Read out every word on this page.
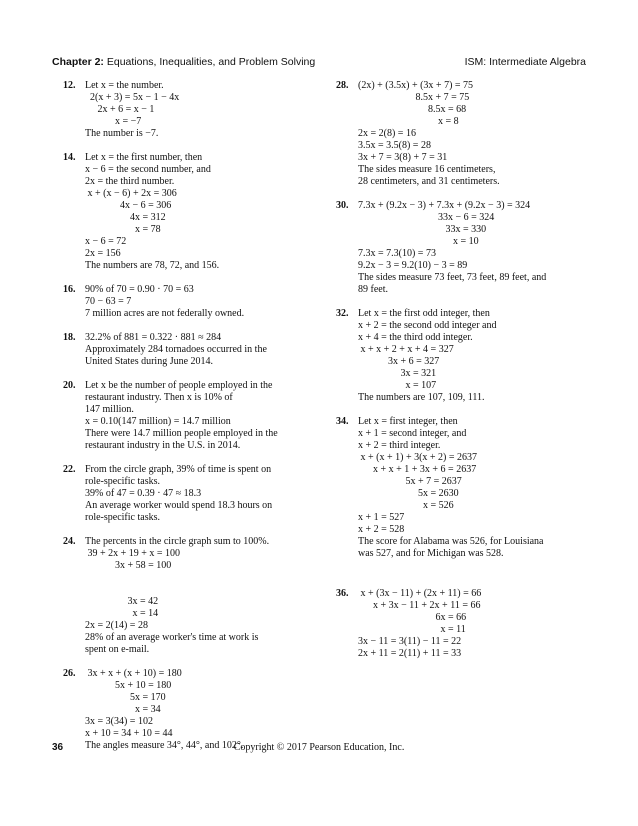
Chapter 2: Equations, Inequalities, and Problem Solving	ISM: Intermediate Algebra
12. Let x = the number.
2(x + 3) = 5x − 1 − 4x
2x + 6 = x − 1
x = −7
The number is −7.
14. Let x = the first number, then
x − 6 = the second number, and
2x = the third number.
x + (x − 6) + 2x = 306
4x − 6 = 306
4x = 312
x = 78
x − 6 = 72
2x = 156
The numbers are 78, 72, and 156.
16. 90% of 70 = 0.90 · 70 = 63
70 − 63 = 7
7 million acres are not federally owned.
18. 32.2% of 881 = 0.322 · 881 ≈ 284
Approximately 284 tornadoes occurred in the
United States during June 2014.
20. Let x be the number of people employed in the
restaurant industry. Then x is 10% of
147 million.
x = 0.10(147 million) = 14.7 million
There were 14.7 million people employed in the
restaurant industry in the U.S. in 2014.
22. From the circle graph, 39% of time is spent on
role-specific tasks.
39% of 47 = 0.39 · 47 ≈ 18.3
An average worker would spend 18.3 hours on
role-specific tasks.
24. The percents in the circle graph sum to 100%.
39 + 2x + 19 + x = 100
3x + 58 = 100
3x = 42
x = 14
2x = 2(14) = 28
28% of an average worker's time at work is
spent on e-mail.
26. 3x + x + (x + 10) = 180
5x + 10 = 180
5x = 170
x = 34
3x = 3(34) = 102
x + 10 = 34 + 10 = 44
The angles measure 34°, 44°, and 102°.
28. (2x) + (3.5x) + (3x + 7) = 75
8.5x + 7 = 75
8.5x = 68
x = 8
2x = 2(8) = 16
3.5x = 3.5(8) = 28
3x + 7 = 3(8) + 7 = 31
The sides measure 16 centimeters,
28 centimeters, and 31 centimeters.
30. 7.3x + (9.2x − 3) + 7.3x + (9.2x − 3) = 324
33x − 6 = 324
33x = 330
x = 10
7.3x = 7.3(10) = 73
9.2x − 3 = 9.2(10) − 3 = 89
The sides measure 73 feet, 73 feet, 89 feet, and
89 feet.
32. Let x = the first odd integer, then
x + 2 = the second odd integer and
x + 4 = the third odd integer.
x + x + 2 + x + 4 = 327
3x + 6 = 327
3x = 321
x = 107
The numbers are 107, 109, 111.
34. Let x = first integer, then
x + 1 = second integer, and
x + 2 = third integer.
x + (x + 1) + 3(x + 2) = 2637
x + x + 1 + 3x + 6 = 2637
5x + 7 = 2637
5x = 2630
x = 526
x + 1 = 527
x + 2 = 528
The score for Alabama was 526, for Louisiana
was 527, and for Michigan was 528.
36. x + (3x − 11) + (2x + 11) = 66
x + 3x − 11 + 2x + 11 = 66
6x = 66
x = 11
3x − 11 = 3(11) − 11 = 22
2x + 11 = 2(11) + 11 = 33
36	Copyright © 2017 Pearson Education, Inc.
